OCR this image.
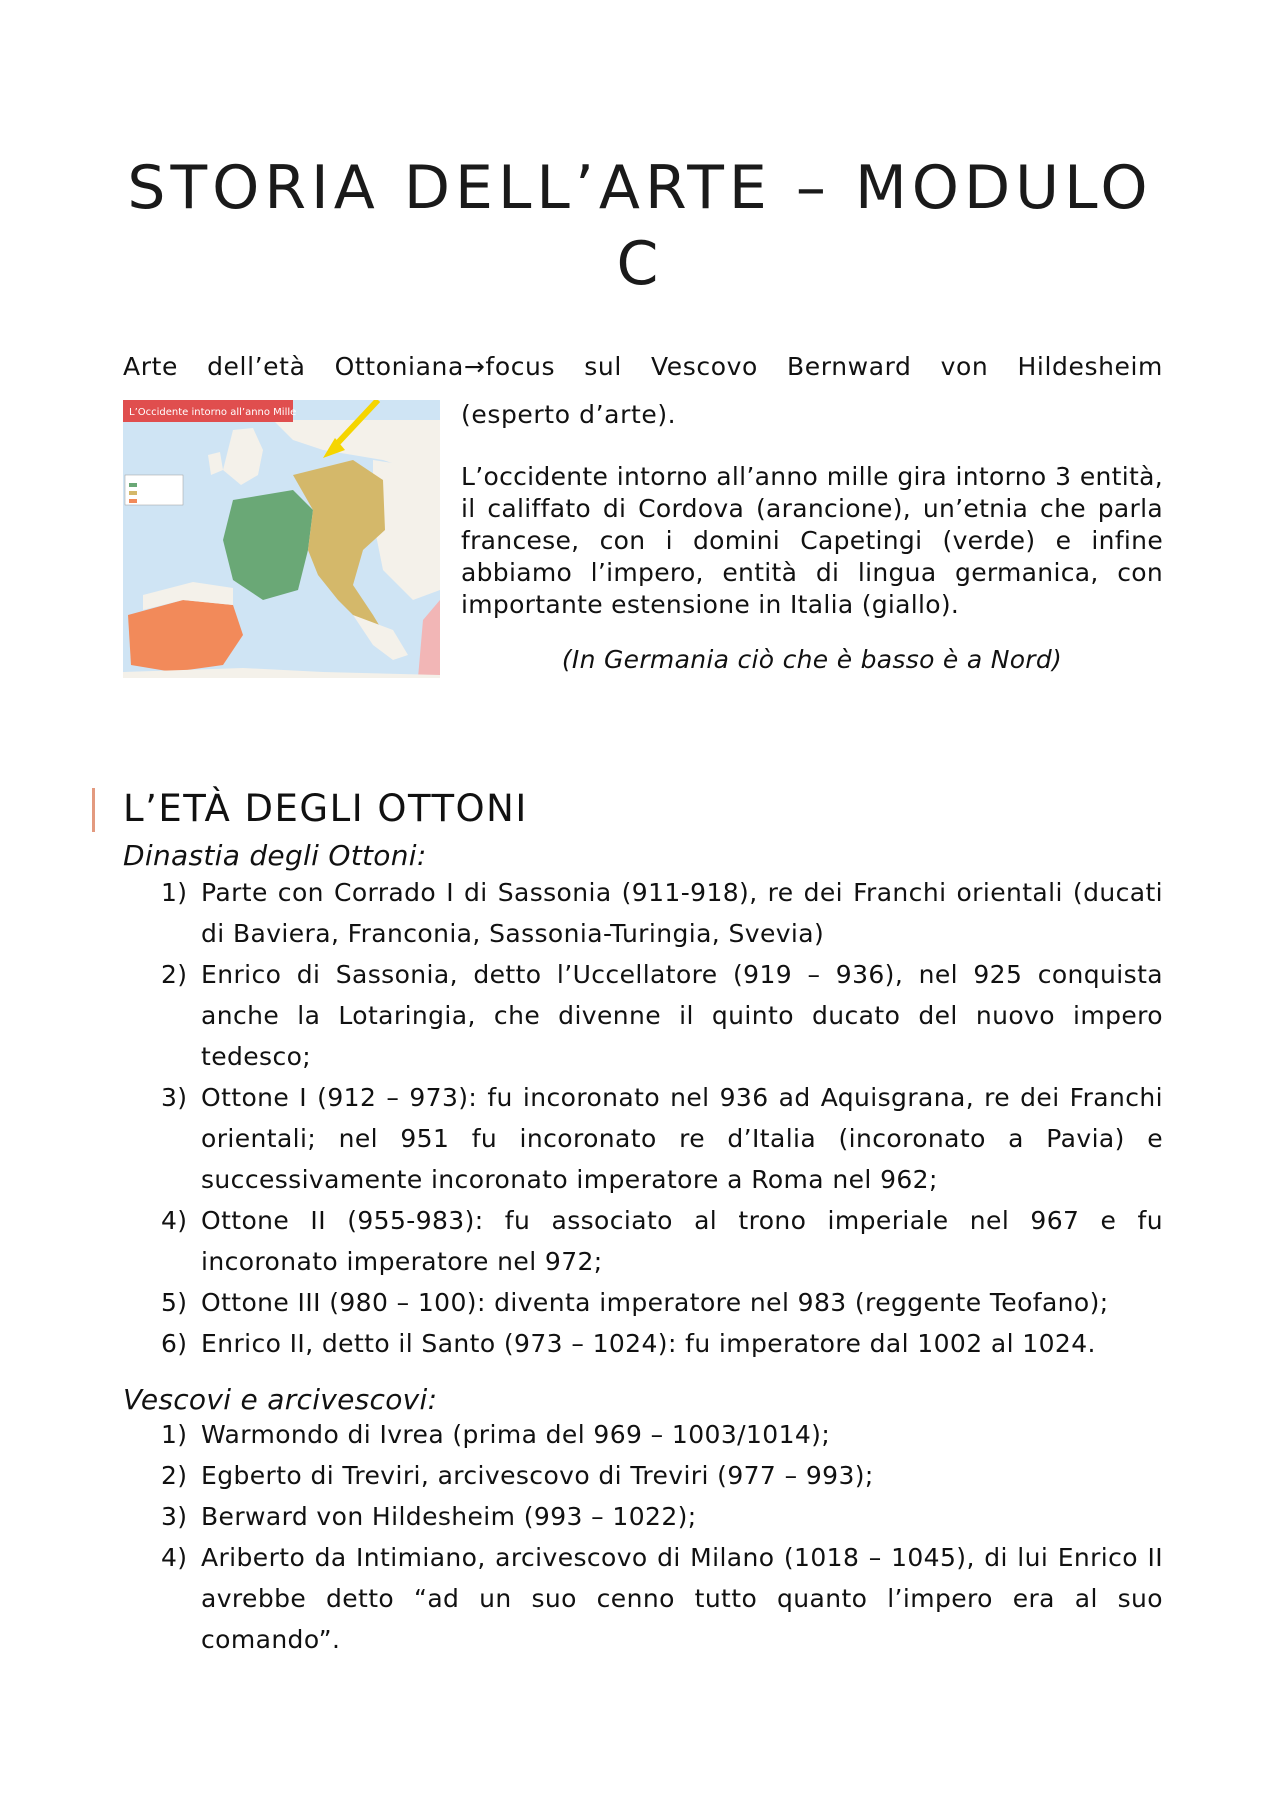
STORIA DELL’ARTE – MODULO C

Arte dell’età Ottoniana→focus sul Vescovo Bernward von Hildesheim

L’Occidente intorno all’anno Mille	(esperto d’arte).

L’occidente intorno all’anno mille gira intorno 3 entità, il califfato di Cordova (arancione), un’etnia che parla francese, con i domini Capetingi (verde) e infine abbiamo l’impero, entità di lingua germanica, con importante estensione in Italia (giallo).

(In Germania ciò che è basso è a Nord)

L’ETÀ DEGLI OTTONI

Dinastia degli Ottoni:

1) Parte con Corrado I di Sassonia (911-918), re dei Franchi orientali (ducati di Baviera, Franconia, Sassonia-Turingia, Svevia)
2) Enrico di Sassonia, detto l’Uccellatore (919 – 936), nel 925 conquista anche la Lotaringia, che divenne il quinto ducato del nuovo impero tedesco;
3) Ottone I (912 – 973): fu incoronato nel 936 ad Aquisgrana, re dei Franchi orientali; nel 951 fu incoronato re d’Italia (incoronato a Pavia) e successivamente incoronato imperatore a Roma nel 962;
4) Ottone II (955-983): fu associato al trono imperiale nel 967 e fu incoronato imperatore nel 972;
5) Ottone III (980 – 100): diventa imperatore nel 983 (reggente Teofano);
6) Enrico II, detto il Santo (973 – 1024): fu imperatore dal 1002 al 1024.

Vescovi e arcivescovi:

1) Warmondo di Ivrea (prima del 969 – 1003/1014);
2) Egberto di Treviri, arcivescovo di Treviri (977 – 993);
3) Berward von Hildesheim (993 – 1022);
4) Ariberto da Intimiano, arcivescovo di Milano (1018 – 1045), di lui Enrico II avrebbe detto “ad un suo cenno tutto quanto l’impero era al suo comando”.
